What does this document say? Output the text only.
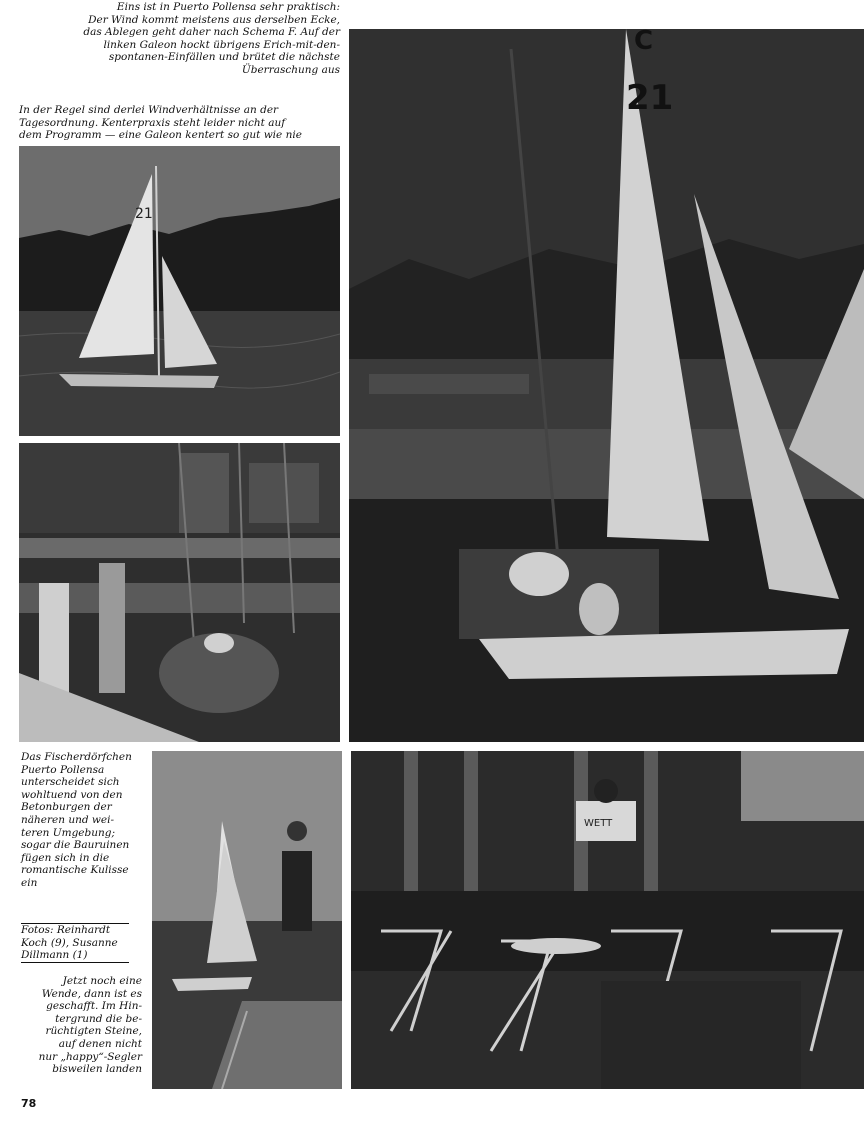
Eins ist in Puerto Pollensa sehr praktisch:
Der Wind kommt meistens aus derselben Ecke,
das Ablegen geht daher nach Schema F. Auf der
linken Galeon hockt übrigens Erich-mit-den-
spontanen-Einfällen und brütet die nächste
Überraschung aus

In der Regel sind derlei Windverhältnisse an der
Tagesordnung. Kenterpraxis steht leider nicht auf
dem Programm — eine Galeon kentert so gut wie nie

Das Fischerdörfchen
Puerto Pollensa
unterscheidet sich
wohltuend von den
Betonburgen der
näheren und wei-
teren Umgebung;
sogar die Bauruinen
fügen sich in die
romantische Kulisse
ein

Fotos: Reinhardt
Koch (9), Susanne
Dillmann (1)

Jetzt noch eine
Wende, dann ist es
geschafft. Im Hin-
tergrund die be-
rüchtigten Steine,
auf denen nicht
nur „happy“-Segler
bisweilen landen

21
21
C
WETT
78
